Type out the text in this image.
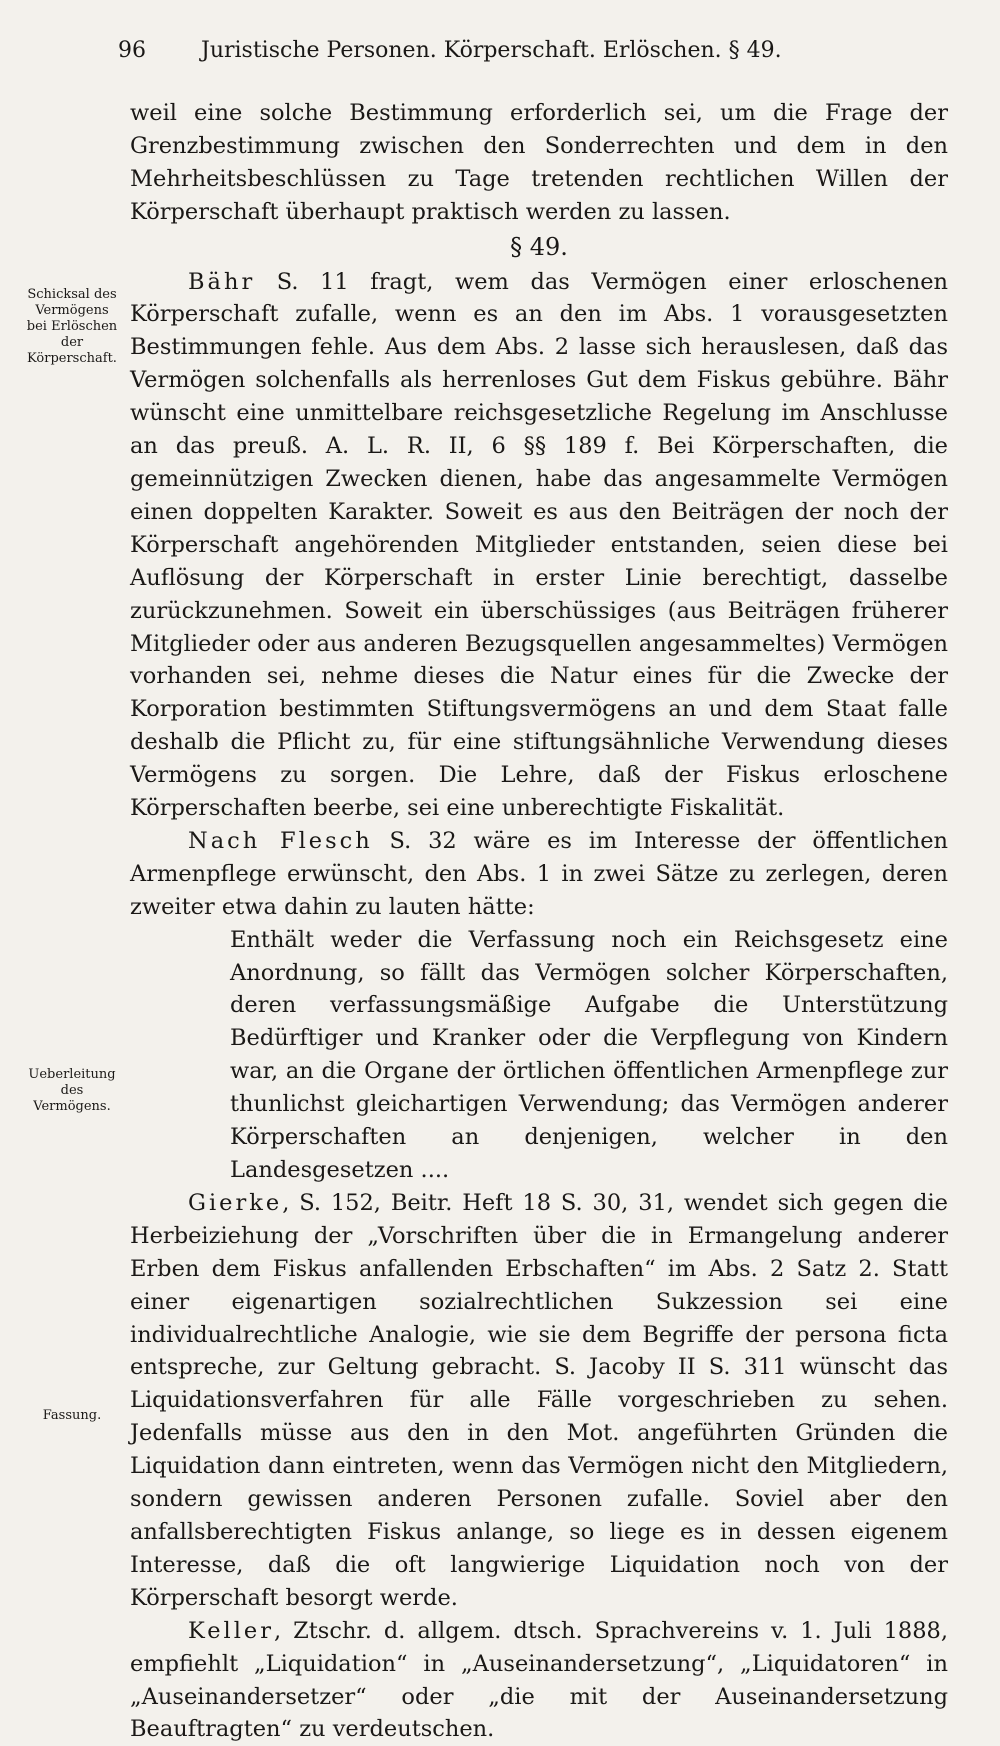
96	Juristische Personen. Körperschaft. Erlöschen. § 49.

weil eine solche Bestimmung erforderlich sei, um die Frage der Grenzbestimmung zwischen den Sonderrechten und dem in den Mehrheitsbeschlüssen zu Tage tretenden rechtlichen Willen der Körperschaft überhaupt praktisch werden zu lassen.

§ 49.

Bähr S. 11 fragt, wem das Vermögen einer erloschenen Körperschaft zufalle, wenn es an den im Abs. 1 vorausgesetzten Bestimmungen fehle. Aus dem Abs. 2 lasse sich herauslesen, daß das Vermögen solchenfalls als herrenloses Gut dem Fiskus gebühre. Bähr wünscht eine unmittelbare reichsgesetzliche Regelung im Anschlusse an das preuß. A. L. R. II, 6 §§ 189 f. Bei Körperschaften, die gemeinnützigen Zwecken dienen, habe das angesammelte Vermögen einen doppelten Karakter. Soweit es aus den Beiträgen der noch der Körperschaft angehörenden Mitglieder entstanden, seien diese bei Auflösung der Körperschaft in erster Linie berechtigt, dasselbe zurückzunehmen. Soweit ein überschüssiges (aus Beiträgen früherer Mitglieder oder aus anderen Bezugsquellen angesammeltes) Vermögen vorhanden sei, nehme dieses die Natur eines für die Zwecke der Korporation bestimmten Stiftungsvermögens an und dem Staat falle deshalb die Pflicht zu, für eine stiftungsähnliche Verwendung dieses Vermögens zu sorgen. Die Lehre, daß der Fiskus erloschene Körperschaften beerbe, sei eine unberechtigte Fiskalität.

Nach Flesch S. 32 wäre es im Interesse der öffentlichen Armenpflege erwünscht, den Abs. 1 in zwei Sätze zu zerlegen, deren zweiter etwa dahin zu lauten hätte:

Enthält weder die Verfassung noch ein Reichsgesetz eine Anordnung, so fällt das Vermögen solcher Körperschaften, deren verfassungsmäßige Aufgabe die Unterstützung Bedürftiger und Kranker oder die Verpflegung von Kindern war, an die Organe der örtlichen öffentlichen Armenpflege zur thunlichst gleichartigen Verwendung; das Vermögen anderer Körperschaften an denjenigen, welcher in den Landesgesetzen ....

Gierke, S. 152, Beitr. Heft 18 S. 30, 31, wendet sich gegen die Herbeiziehung der „Vorschriften über die in Ermangelung anderer Erben dem Fiskus anfallenden Erbschaften“ im Abs. 2 Satz 2. Statt einer eigenartigen sozialrechtlichen Sukzession sei eine individualrechtliche Analogie, wie sie dem Begriffe der persona ficta entspreche, zur Geltung gebracht. S. Jacoby II S. 311 wünscht das Liquidationsverfahren für alle Fälle vorgeschrieben zu sehen. Jedenfalls müsse aus den in den Mot. angeführten Gründen die Liquidation dann eintreten, wenn das Vermögen nicht den Mitgliedern, sondern gewissen anderen Personen zufalle. Soviel aber den anfallsberechtigten Fiskus anlange, so liege es in dessen eigenem Interesse, daß die oft langwierige Liquidation noch von der Körperschaft besorgt werde.

Keller, Ztschr. d. allgem. dtsch. Sprachvereins v. 1. Juli 1888, empfiehlt „Liquidation“ in „Auseinandersetzung“, „Liquidatoren“ in „Auseinandersetzer“ oder „die mit der Auseinandersetzung Beauftragten“ zu verdeutschen.

Schicksal des Vermögens bei Erlöschen der Körperschaft.
Ueberleitung des Vermögens.
Fassung.
